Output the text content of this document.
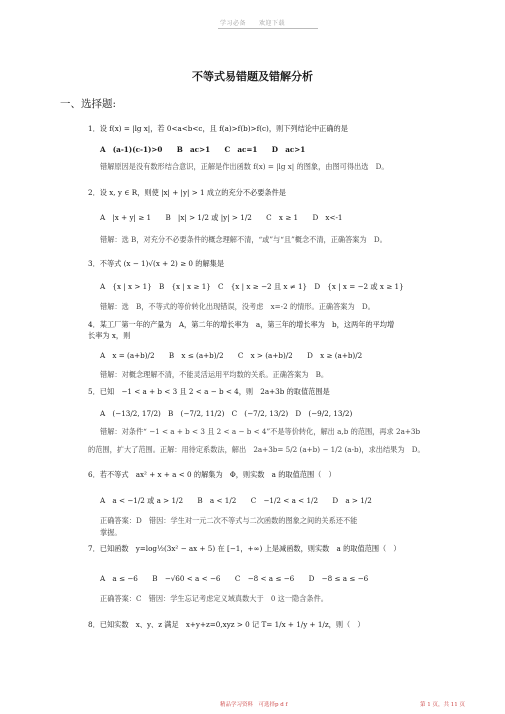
学习必备　　欢迎下载
不等式易错题及错解分析
一、选择题:
1．设 f(x) = |lg x|，若 0<a<b<c，且 f(a)>f(b)>f(c)，则下列结论中正确的是
A　(a-1)(c-1)>0　　B　ac>1　　C　ac=1　　D　ac>1
错解原因是没有数形结合意识，正解是作出函数 f(x) = |lg x| 的图象，由图可得出选　D。
2．设 x, y ∈ R，则使 |x| + |y| > 1 成立的充分不必要条件是
A　|x + y| ≥ 1　　B　|x| > 1/2 或 |y| > 1/2　　C　x ≥ 1　　D　x<-1
错解：选 B，对充分不必要条件的概念理解不清，“或”与“且”概念不清，正确答案为　D。
3．不等式 (x − 1)√(x + 2) ≥ 0 的解集是
A　{x | x > 1}　B　{x | x ≥ 1}　C　{x | x ≥ −2 且 x ≠ 1}　D　{x | x = −2 或 x ≥ 1}
错解：选　B，不等式的等价转化出现错误，没考虑　x=-2 的情形。正确答案为　D。
4．某工厂第一年的产量为　A，第二年的增长率为　a，第三年的增长率为　b，这两年的平均增
长率为 x，则
A　x = (a+b)/2　　B　x ≤ (a+b)/2　　C　x > (a+b)/2　　D　x ≥ (a+b)/2
错解：对概念理解不清，不能灵活运用平均数的关系。正确答案为　B。
5．已知　−1 < a + b < 3 且 2 < a − b < 4，则　2a+3b 的取值范围是
A　(−13/2, 17/2)　B　(−7/2, 11/2)　C　(−7/2, 13/2)　D　(−9/2, 13/2)
错解：对条件“ −1 < a + b < 3 且 2 < a − b < 4”不是等价转化，解出 a,b 的范围，再求 2a+3b
的范围，扩大了范围。正解：用待定系数法，解出　2a+3b= 5/2 (a+b) − 1/2 (a-b)，求出结果为　D。
6．若不等式　ax² + x + a < 0 的解集为　Φ，则实数　a 的取值范围（　）
A　a < −1/2 或 a > 1/2　　B　a < 1/2　　C　−1/2 < a < 1/2　　D　a > 1/2
正确答案：D　错因：学生对一元二次不等式与二次函数的图象之间的关系还不能
掌握。
7．已知函数　y=log½(3x² − ax + 5) 在 [−1，+∞) 上是减函数，则实数　a 的取值范围（　）
A　a ≤ −6　　B　−√60 < a < −6　　C　−8 < a ≤ −6　　D　−8 ≤ a ≤ −6
正确答案：C　错因：学生忘记考虑定义域真数大于　0 这一隐含条件。
8．已知实数　x、y、z 满足　x+y+z=0,xyz > 0 记 T= 1/x + 1/y + 1/z，则（　）
精品学习资料　可选择p d f	第 1 页，共 11 页
